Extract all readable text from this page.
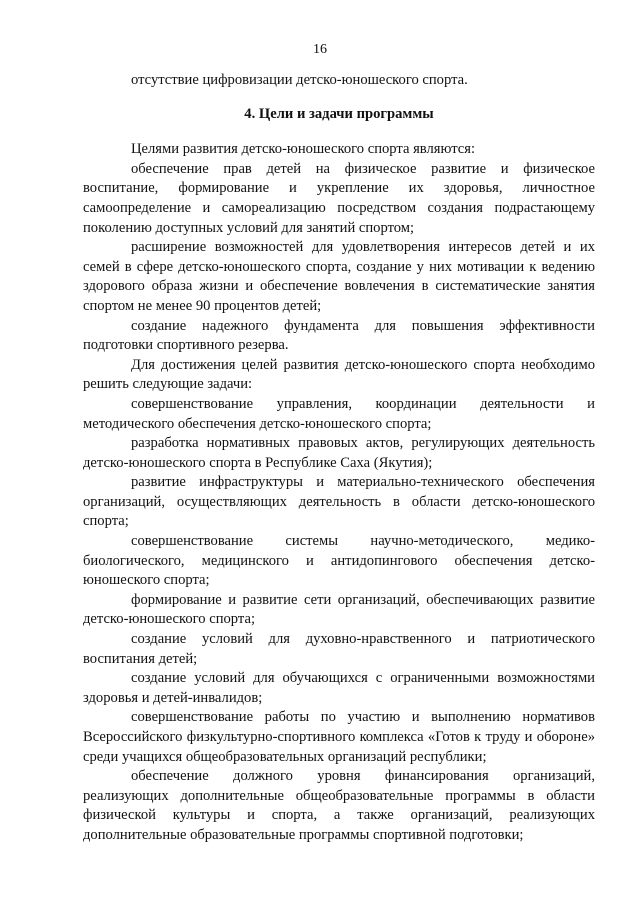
16

отсутствие цифровизации детско-юношеского спорта.

4. Цели и задачи программы

Целями развития детско-юношеского спорта являются:

обеспечение прав детей на физическое развитие и физическое воспитание, формирование и укрепление их здоровья, личностное самоопределение и самореализацию посредством создания подрастающему поколению доступных условий для занятий спортом;

расширение возможностей для удовлетворения интересов детей и их семей в сфере детско-юношеского спорта, создание у них мотивации к ведению здорового образа жизни и обеспечение вовлечения в систематические занятия спортом не менее 90 процентов детей;

создание надежного фундамента для повышения эффективности подготовки спортивного резерва.

Для достижения целей развития детско-юношеского спорта необходимо решить следующие задачи:

совершенствование управления, координации деятельности и методического обеспечения детско-юношеского спорта;

разработка нормативных правовых актов, регулирующих деятельность детско-юношеского спорта в Республике Саха (Якутия);

развитие инфраструктуры и материально-технического обеспечения организаций, осуществляющих деятельность в области детско-юношеского спорта;

совершенствование системы научно-методического, медико-биологического, медицинского и антидопингового обеспечения детско-юношеского спорта;

формирование и развитие сети организаций, обеспечивающих развитие детско-юношеского спорта;

создание условий для духовно-нравственного и патриотического воспитания детей;

создание условий для обучающихся с ограниченными возможностями здоровья и детей-инвалидов;

совершенствование работы по участию и выполнению нормативов Всероссийского физкультурно-спортивного комплекса «Готов к труду и обороне» среди учащихся общеобразовательных организаций республики;

обеспечение должного уровня финансирования организаций, реализующих дополнительные общеобразовательные программы в области физической культуры и спорта, а также организаций, реализующих дополнительные образовательные программы спортивной подготовки;
